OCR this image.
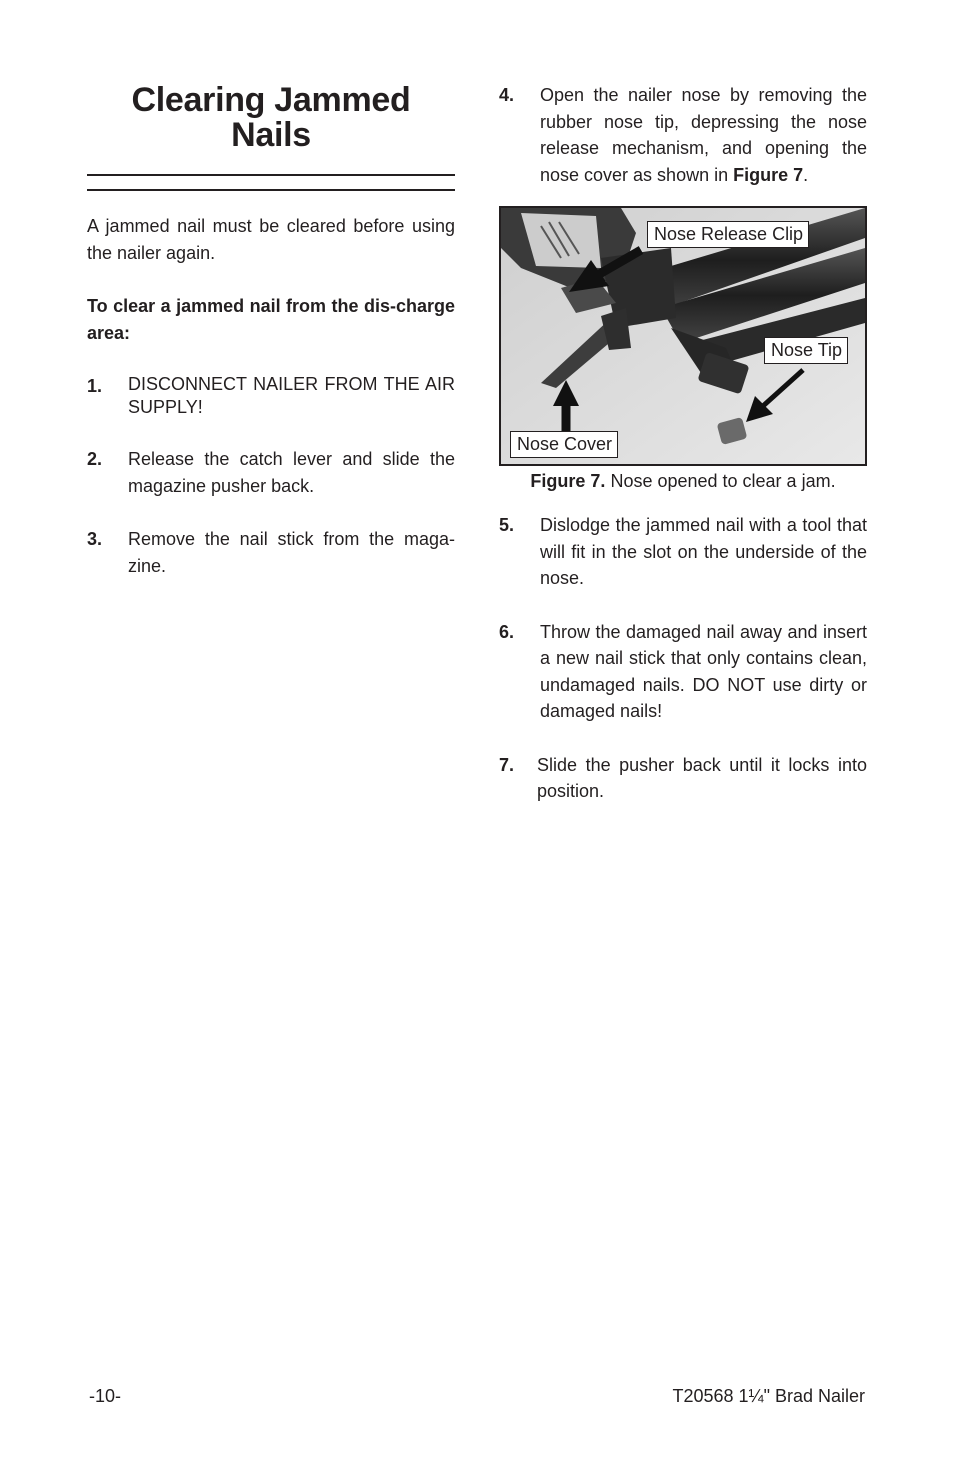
Clearing Jammed
Nails

A jammed nail must be cleared before using the nailer again.

To clear a jammed nail from the dis-charge area:

1.	DISCONNECT NAILER FROM THE AIR SUPPLY!
2.	Release the catch lever and slide the magazine pusher back.
3.	Remove the nail stick from the maga-zine.
4.	Open the nailer nose by removing the rubber nose tip, depressing the nose release mechanism, and opening the nose cover as shown in Figure 7.
Nose Release Clip
Nose Tip
Nose Cover
Figure 7. Nose opened to clear a jam.
5.	Dislodge the jammed nail with a tool that will fit in the slot on the underside of the nose.
6.	Throw the damaged nail away and insert a new nail stick that only contains clean, undamaged nails. DO NOT use dirty or damaged nails!
7.	Slide the pusher back until it locks into position.
-10-	T20568 1¼" Brad Nailer
